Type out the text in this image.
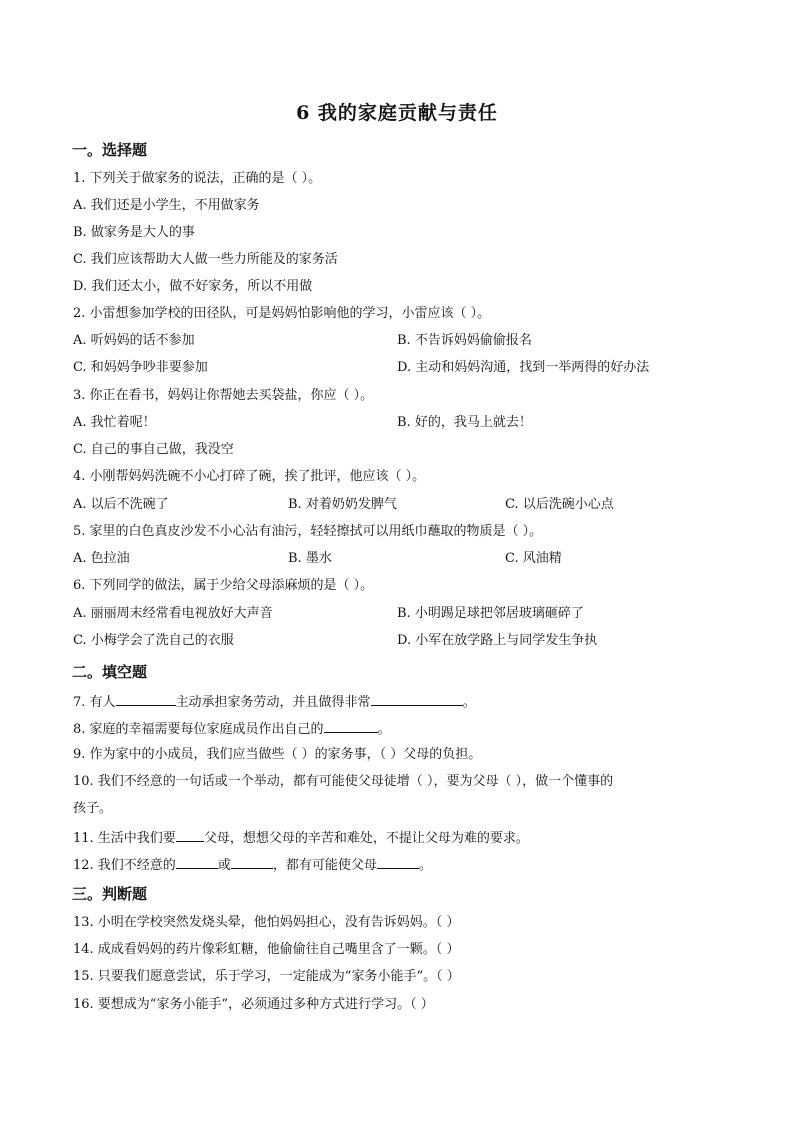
6 我的家庭贡献与责任
一。选择题
1. 下列关于做家务的说法，正确的是（ ）。
A. 我们还是小学生，不用做家务
B. 做家务是大人的事
C. 我们应该帮助大人做一些力所能及的家务活
D. 我们还太小，做不好家务，所以不用做
2. 小雷想参加学校的田径队，可是妈妈怕影响他的学习，小雷应该（ ）。
A. 听妈妈的话不参加	B. 不告诉妈妈偷偷报名
C. 和妈妈争吵非要参加	D. 主动和妈妈沟通，找到一举两得的好办法
3. 你正在看书，妈妈让你帮她去买袋盐，你应（ ）。
A. 我忙着呢！	B. 好的，我马上就去！
C. 自己的事自己做，我没空
4. 小刚帮妈妈洗碗不小心打碎了碗，挨了批评，他应该（ ）。
A. 以后不洗碗了	B. 对着奶奶发脾气	C. 以后洗碗小心点
5. 家里的白色真皮沙发不小心沾有油污，轻轻擦拭可以用纸巾蘸取的物质是（ ）。
A. 色拉油	B. 墨水	C. 风油精
6. 下列同学的做法，属于少给父母添麻烦的是（ ）。
A. 丽丽周末经常看电视放好大声音	B. 小明踢足球把邻居玻璃砸碎了
C. 小梅学会了洗自己的衣服	D. 小军在放学路上与同学发生争执
二。填空题
7. 有人	主动承担家务劳动，并且做得非常	。
8. 家庭的幸福需要每位家庭成员作出自己的	。
9. 作为家中的小成员，我们应当做些（ ）的家务事，（ ）父母的负担。
10. 我们不经意的一句话或一个举动，都有可能使父母徒增（ ），要为父母（ ），做一个懂事的
孩子。
11. 生活中我们要 父母，想想父母的辛苦和难处，不提让父母为难的要求。
12. 我们不经意的	或	，都有可能使父母	。
三。判断题
13. 小明在学校突然发烧头晕，他怕妈妈担心，没有告诉妈妈。（ ）
14. 成成看妈妈的药片像彩虹糖，他偷偷往自己嘴里含了一颗。（ ）
15. 只要我们愿意尝试，乐于学习，一定能成为“家务小能手”。（ ）
16. 要想成为“家务小能手”，必须通过多种方式进行学习。（ ）
